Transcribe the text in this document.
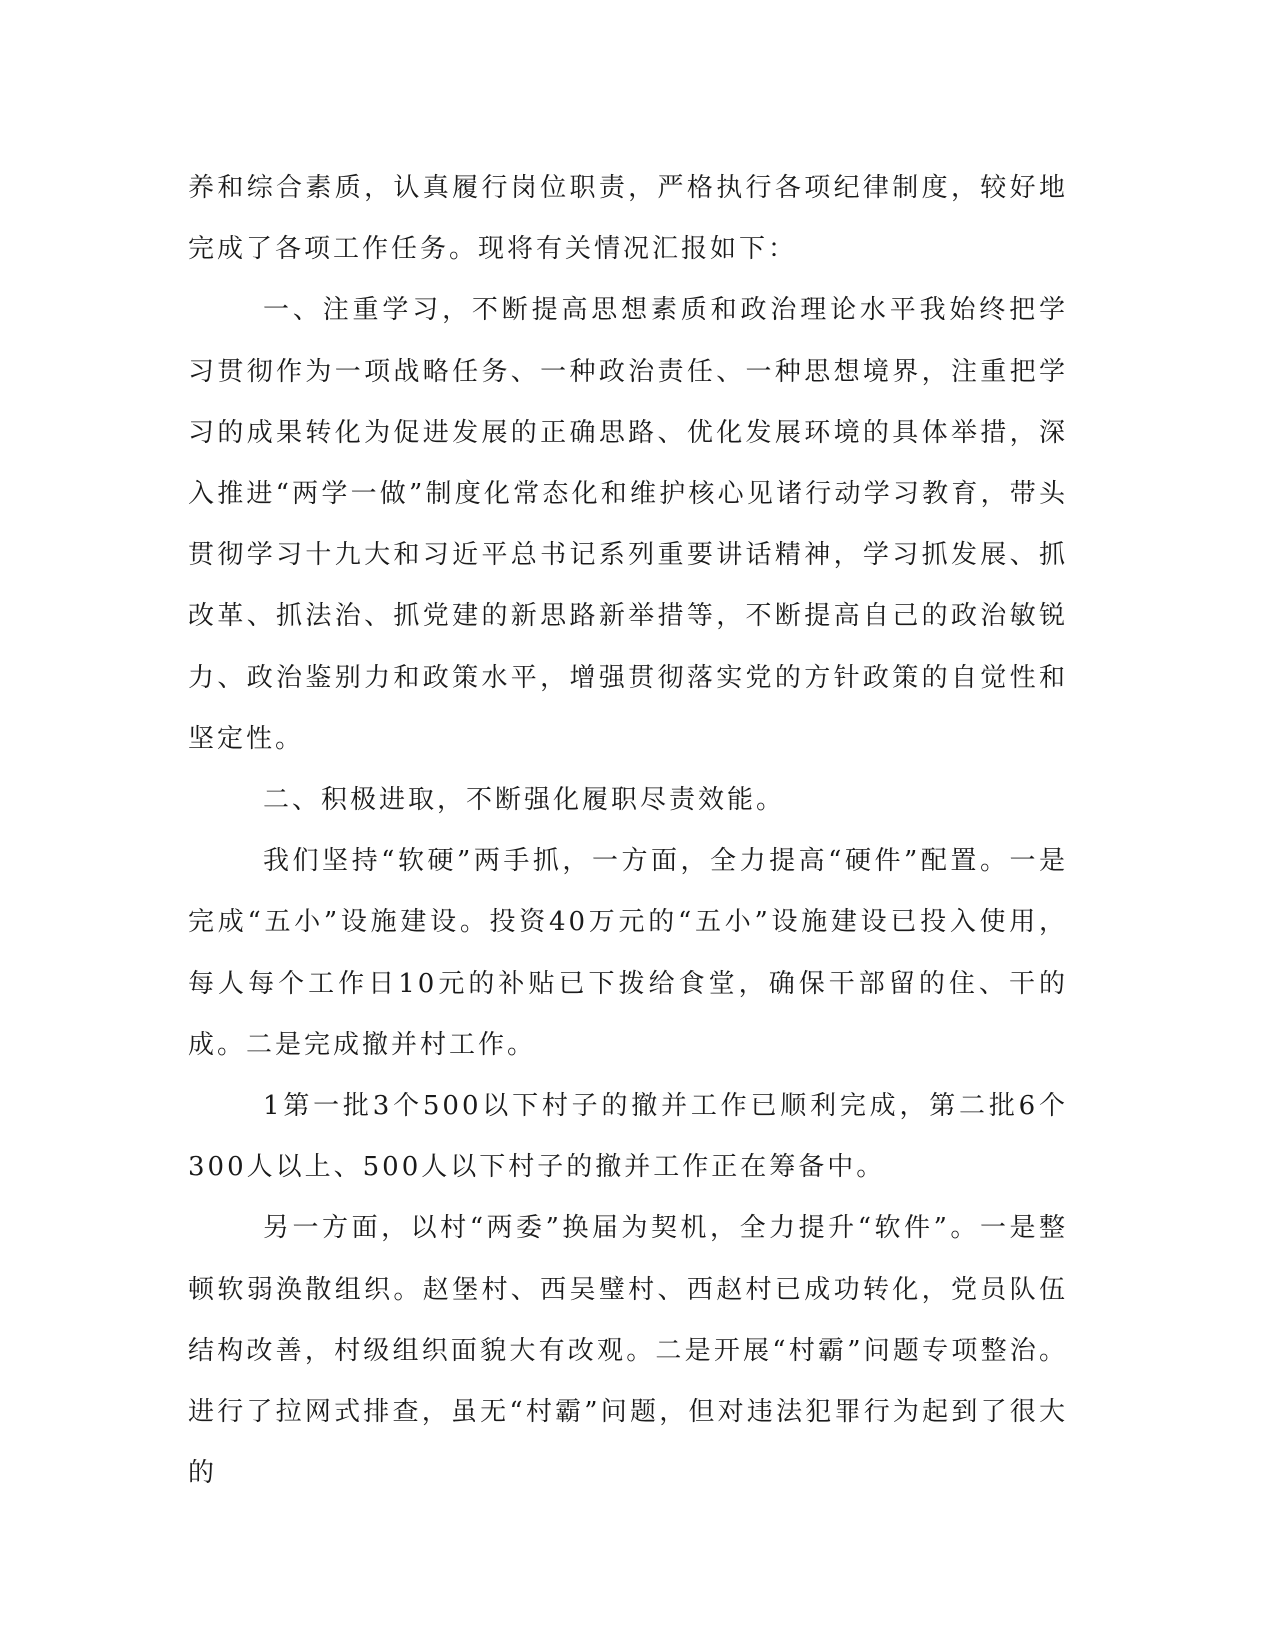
养和综合素质，认真履行岗位职责，严格执行各项纪律制度，较好地完成了各项工作任务。现将有关情况汇报如下：

一、注重学习，不断提高思想素质和政治理论水平我始终把学习贯彻作为一项战略任务、一种政治责任、一种思想境界，注重把学习的成果转化为促进发展的正确思路、优化发展环境的具体举措，深入推进“两学一做”制度化常态化和维护核心见诸行动学习教育，带头贯彻学习十九大和习近平总书记系列重要讲话精神，学习抓发展、抓改革、抓法治、抓党建的新思路新举措等，不断提高自己的政治敏锐力、政治鉴别力和政策水平，增强贯彻落实党的方针政策的自觉性和坚定性。

二、积极进取，不断强化履职尽责效能。

我们坚持“软硬”两手抓，一方面，全力提高“硬件”配置。一是完成“五小”设施建设。投资40万元的“五小”设施建设已投入使用，每人每个工作日10元的补贴已下拨给食堂，确保干部留的住、干的成。二是完成撤并村工作。

1第一批3个500以下村子的撤并工作已顺利完成，第二批6个300人以上、500人以下村子的撤并工作正在筹备中。

另一方面，以村“两委”换届为契机，全力提升“软件”。一是整顿软弱涣散组织。赵堡村、西吴璧村、西赵村已成功转化，党员队伍结构改善，村级组织面貌大有改观。二是开展“村霸”问题专项整治。进行了拉网式排查，虽无“村霸”问题，但对违法犯罪行为起到了很大的
